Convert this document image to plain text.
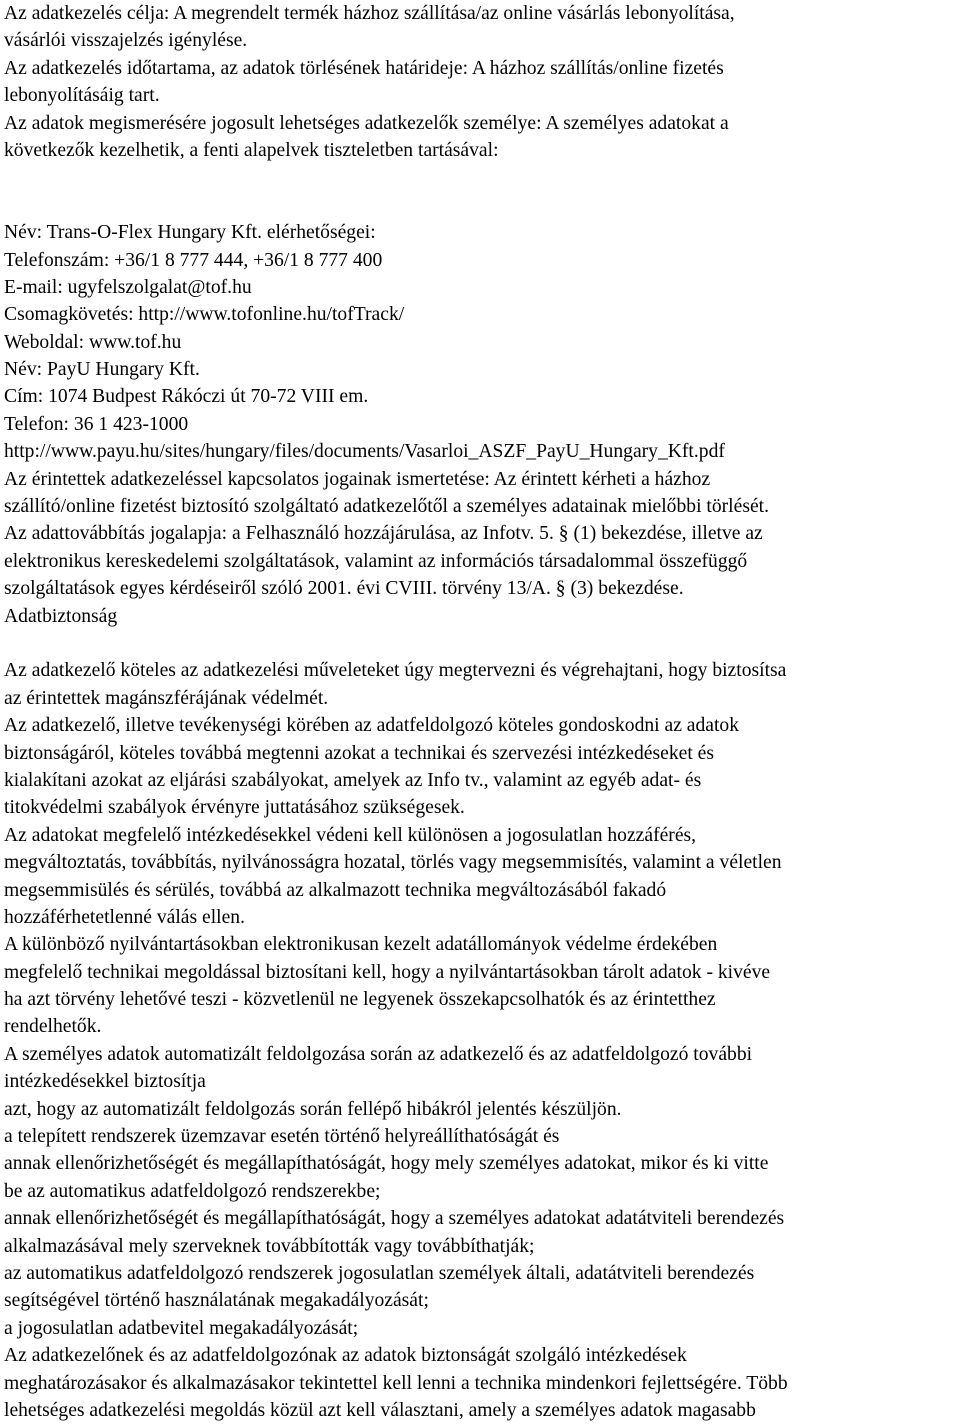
Az adatkezelés célja: A megrendelt termék házhoz szállítása/az online vásárlás lebonyolítása,
vásárlói visszajelzés igénylése.
Az adatkezelés időtartama, az adatok törlésének határideje: A házhoz szállítás/online fizetés
lebonyolításáig tart.
Az adatok megismerésére jogosult lehetséges adatkezelők személye: A személyes adatokat a
következők kezelhetik, a fenti alapelvek tiszteletben tartásával:
Név: Trans-O-Flex Hungary Kft. elérhetőségei:
Telefonszám: +36/1 8 777 444, +36/1 8 777 400
E-mail: ugyfelszolgalat@tof.hu
Csomagkövetés: http://www.tofonline.hu/tofTrack/
Weboldal: www.tof.hu
Név: PayU Hungary Kft.
Cím: 1074 Budpest Rákóczi út 70-72 VIII em.
Telefon: 36 1 423-1000
http://www.payu.hu/sites/hungary/files/documents/Vasarloi_ASZF_PayU_Hungary_Kft.pdf
Az érintettek adatkezeléssel kapcsolatos jogainak ismertetése: Az érintett kérheti a házhoz
szállító/online fizetést biztosító szolgáltató adatkezelőtől a személyes adatainak mielőbbi törlését.
Az adattovábbítás jogalapja: a Felhasználó hozzájárulása, az Infotv. 5. § (1) bekezdése, illetve az
elektronikus kereskedelemi szolgáltatások, valamint az információs társadalommal összefüggő
szolgáltatások egyes kérdéseiről szóló 2001. évi CVIII. törvény 13/A. § (3) bekezdése.
Adatbiztonság
Az adatkezelő köteles az adatkezelési műveleteket úgy megtervezni és végrehajtani, hogy biztosítsa
az érintettek magánszférájának védelmét.
Az adatkezelő, illetve tevékenységi körében az adatfeldolgozó köteles gondoskodni az adatok
biztonságáról, köteles továbbá megtenni azokat a technikai és szervezési intézkedéseket és
kialakítani azokat az eljárási szabályokat, amelyek az Info tv., valamint az egyéb adat- és
titokvédelmi szabályok érvényre juttatásához szükségesek.
Az adatokat megfelelő intézkedésekkel védeni kell különösen a jogosulatlan hozzáférés,
megváltoztatás, továbbítás, nyilvánosságra hozatal, törlés vagy megsemmisítés, valamint a véletlen
megsemmisülés és sérülés, továbbá az alkalmazott technika megváltozásából fakadó
hozzáférhetetlenné válás ellen.
A különböző nyilvántartásokban elektronikusan kezelt adatállományok védelme érdekében
megfelelő technikai megoldással biztosítani kell, hogy a nyilvántartásokban tárolt adatok - kivéve
ha azt törvény lehetővé teszi - közvetlenül ne legyenek összekapcsolhatók és az érintetthez
rendelhetők.
A személyes adatok automatizált feldolgozása során az adatkezelő és az adatfeldolgozó további
intézkedésekkel biztosítja
azt, hogy az automatizált feldolgozás során fellépő hibákról jelentés készüljön.
a telepített rendszerek üzemzavar esetén történő helyreállíthatóságát és
annak ellenőrizhetőségét és megállapíthatóságát, hogy mely személyes adatokat, mikor és ki vitte
be az automatikus adatfeldolgozó rendszerekbe;
annak ellenőrizhetőségét és megállapíthatóságát, hogy a személyes adatokat adatátviteli berendezés
alkalmazásával mely szerveknek továbbították vagy továbbíthatják;
az automatikus adatfeldolgozó rendszerek jogosulatlan személyek általi, adatátviteli berendezés
segítségével történő használatának megakadályozását;
a jogosulatlan adatbevitel megakadályozását;
Az adatkezelőnek és az adatfeldolgozónak az adatok biztonságát szolgáló intézkedések
meghatározásakor és alkalmazásakor tekintettel kell lenni a technika mindenkori fejlettségére. Több
lehetséges adatkezelési megoldás közül azt kell választani, amely a személyes adatok magasabb
